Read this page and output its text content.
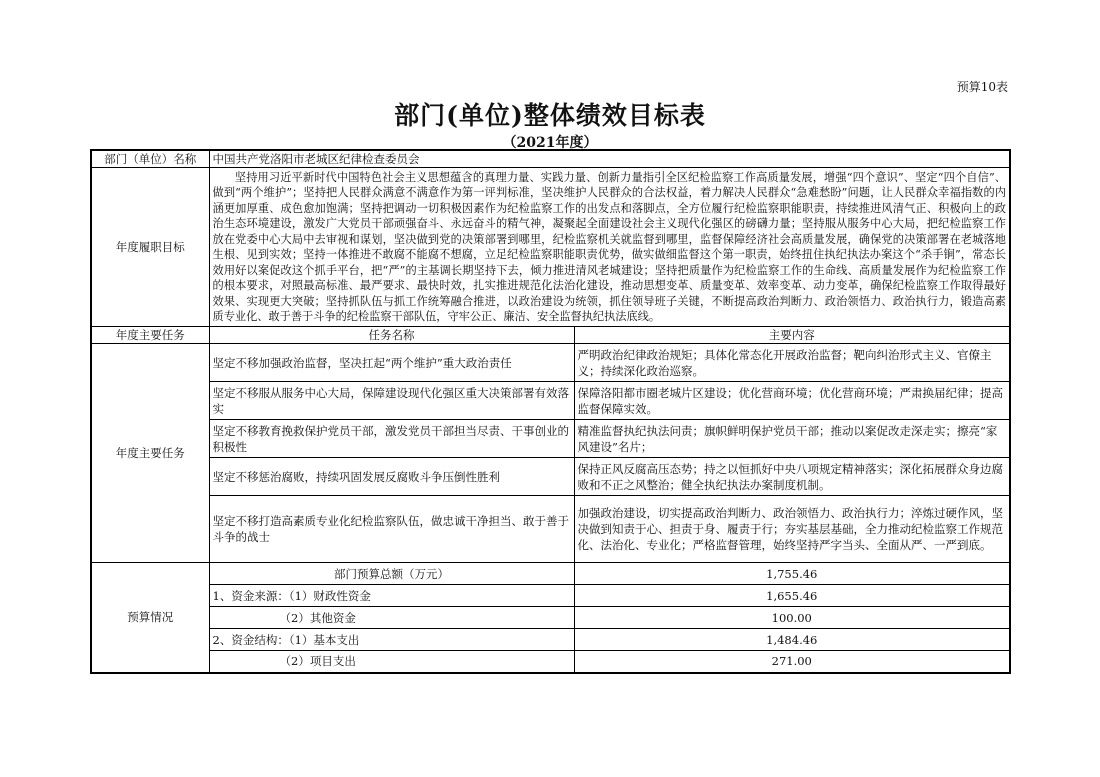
预算10表
部门(单位)整体绩效目标表
（2021年度）
部门（单位）名称	中国共产党洛阳市老城区纪律检查委员会	
年度履职目标	坚持用习近平新时代中国特色社会主义思想蕴含的真理力量、实践力量、创新力量指引全区纪检监察工作高质量发展，增强“四个意识”、坚定“四个自信”、做到“两个维护”；坚持把人民群众满意不满意作为第一评判标准，坚决维护人民群众的合法权益，着力解决人民群众“急难愁盼”问题，让人民群众幸福指数的内涵更加厚重、成色愈加饱满；坚持把调动一切积极因素作为纪检监察工作的出发点和落脚点，全方位履行纪检监察职能职责，持续推进风清气正、积极向上的政治生态环境建设，激发广大党员干部顽强奋斗、永远奋斗的精气神，凝聚起全面建设社会主义现代化强区的磅礴力量；坚持服从服务中心大局，把纪检监察工作放在党委中心大局中去审视和谋划，坚决做到党的决策部署到哪里，纪检监察机关就监督到哪里，监督保障经济社会高质量发展，确保党的决策部署在老城落地生根、见到实效；坚持一体推进不敢腐不能腐不想腐，立足纪检监察职能职责优势，做实做细监督这个第一职责，始终扭住执纪执法办案这个“杀手锏”，常态长效用好以案促改这个抓手平台，把“严”的主基调长期坚持下去，倾力推进清风老城建设；坚持把质量作为纪检监察工作的生命线、高质量发展作为纪检监察工作的根本要求，对照最高标准、最严要求、最快时效，扎实推进规范化法治化建设，推动思想变革、质量变革、效率变革、动力变革，确保纪检监察工作取得最好效果、实现更大突破；坚持抓队伍与抓工作统筹融合推进，以政治建设为统领，抓住领导班子关键，不断提高政治判断力、政治领悟力、政治执行力，锻造高素质专业化、敢于善于斗争的纪检监察干部队伍，守牢公正、廉洁、安全监督执纪执法底线。	

年度主要任务	任务名称	主要内容
年度主要任务	坚定不移加强政治监督，坚决扛起“两个维护”重大政治责任	严明政治纪律政治规矩；具体化常态化开展政治监督；靶向纠治形式主义、官僚主义；持续深化政治巡察。
	坚定不移服从服务中心大局，保障建设现代化强区重大决策部署有效落实	保障洛阳都市圈老城片区建设；优化营商环境；优化营商环境；严肃换届纪律；提高监督保障实效。
	坚定不移教育挽救保护党员干部，激发党员干部担当尽责、干事创业的积极性	精准监督执纪执法问责；旗帜鲜明保护党员干部；推动以案促改走深走实；擦亮“家风建设”名片；
	坚定不移惩治腐败，持续巩固发展反腐败斗争压倒性胜利	保持正风反腐高压态势；持之以恒抓好中央八项规定精神落实；深化拓展群众身边腐败和不正之风整治；健全执纪执法办案制度机制。
	坚定不移打造高素质专业化纪检监察队伍，做忠诚干净担当、敢于善于斗争的战士	加强政治建设，切实提高政治判断力、政治领悟力、政治执行力；淬炼过硬作风，坚决做到知责于心、担责于身、履责于行；夯实基层基础，全力推动纪检监察工作规范化、法治化、专业化；严格监督管理，始终坚持严字当头、全面从严、一严到底。
预算情况	部门预算总额（万元）	1,755.46
	1、资金来源：（1）财政性资金	1,655.46
	（2）其他资金	100.00
	2、资金结构：（1）基本支出	1,484.46
	（2）项目支出	271.00
